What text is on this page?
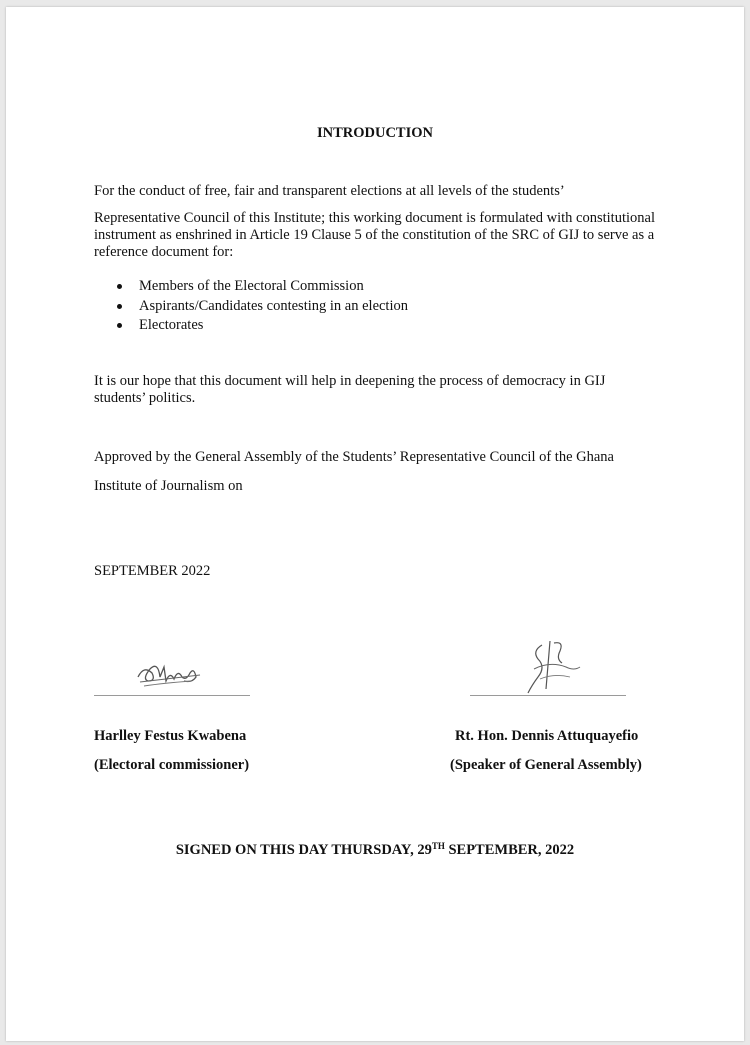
INTRODUCTION
For the conduct of free, fair and transparent elections at all levels of the students’
Representative Council of this Institute; this working document is formulated with constitutional instrument as enshrined in Article 19 Clause 5 of the constitution of the SRC of GIJ to serve as a reference document for:
Members of the Electoral Commission
Aspirants/Candidates contesting in an election
Electorates
It is our hope that this document will help in deepening the process of democracy in GIJ students’ politics.
Approved by the General Assembly of the Students’ Representative Council of the Ghana
Institute of Journalism on
SEPTEMBER 2022
Harlley Festus Kwabena
(Electoral commissioner)
Rt. Hon. Dennis Attuquayefio
(Speaker of General Assembly)
SIGNED ON THIS DAY THURSDAY, 29TH SEPTEMBER, 2022
